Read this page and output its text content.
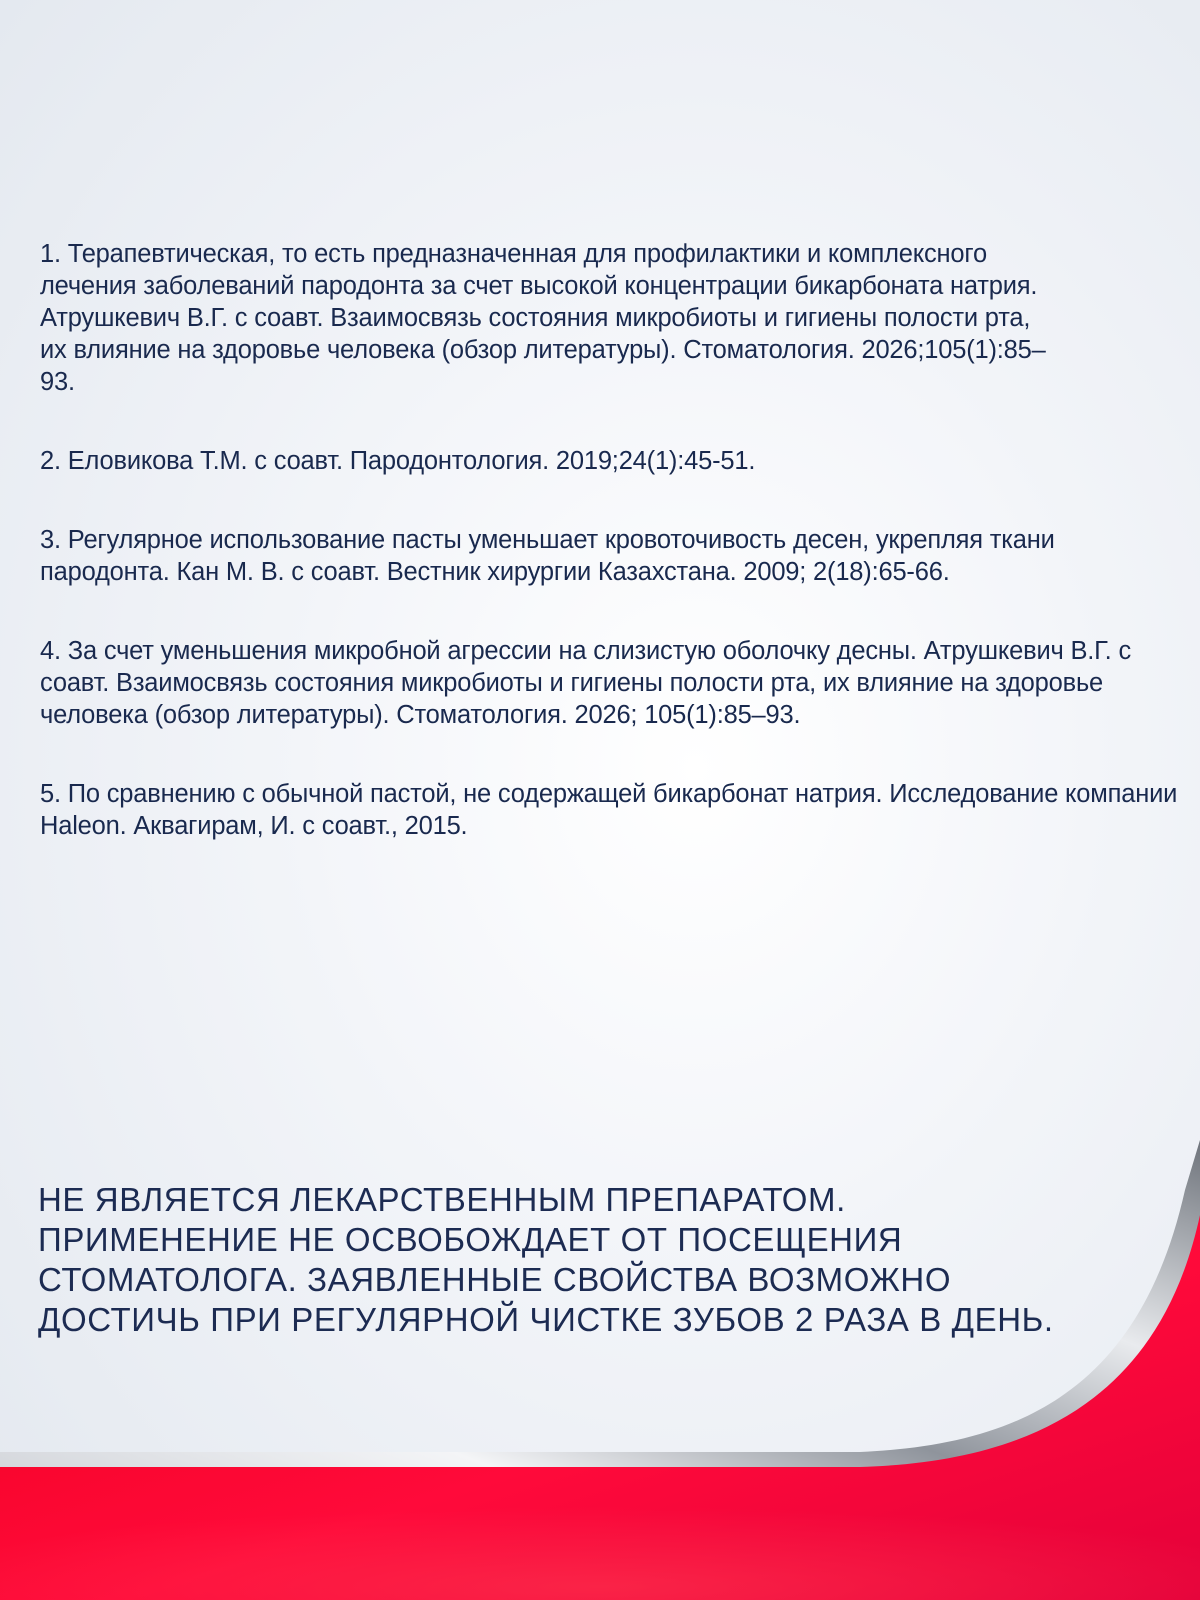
1. Терапевтическая, то есть предназначенная для профилактики и комплексного лечения заболеваний пародонта за счет высокой концентрации бикарбоната натрия. Атрушкевич В.Г. с соавт. Взаимосвязь состояния микробиоты и гигиены полости рта, их влияние на здоровье человека (обзор литературы). Стоматология. 2026;105(1):85–93.

2. Еловикова Т.М. с соавт. Пародонтология. 2019;24(1):45-51.

3. Регулярное использование пасты уменьшает кровоточивость десен, укрепляя ткани пародонта. Кан М. В. с соавт. Вестник хирургии Казахстана. 2009; 2(18):65-66.

4. За счет уменьшения микробной агрессии на слизистую оболочку десны. Атрушкевич В.Г. с соавт. Взаимосвязь состояния микробиоты и гигиены полости рта, их влияние на здоровье человека (обзор литературы). Стоматология. 2026; 105(1):85–93.

5. По сравнению с обычной пастой, не содержащей бикарбонат натрия. Исследование компании Haleon. Аквагирам, И. с соавт., 2015.

НЕ ЯВЛЯЕТСЯ ЛЕКАРСТВЕННЫМ ПРЕПАРАТОМ.
ПРИМЕНЕНИЕ НЕ ОСВОБОЖДАЕТ ОТ ПОСЕЩЕНИЯ
СТОМАТОЛОГА. ЗАЯВЛЕННЫЕ СВОЙСТВА ВОЗМОЖНО
ДОСТИЧЬ ПРИ РЕГУЛЯРНОЙ ЧИСТКЕ ЗУБОВ 2 РАЗА В ДЕНЬ.
